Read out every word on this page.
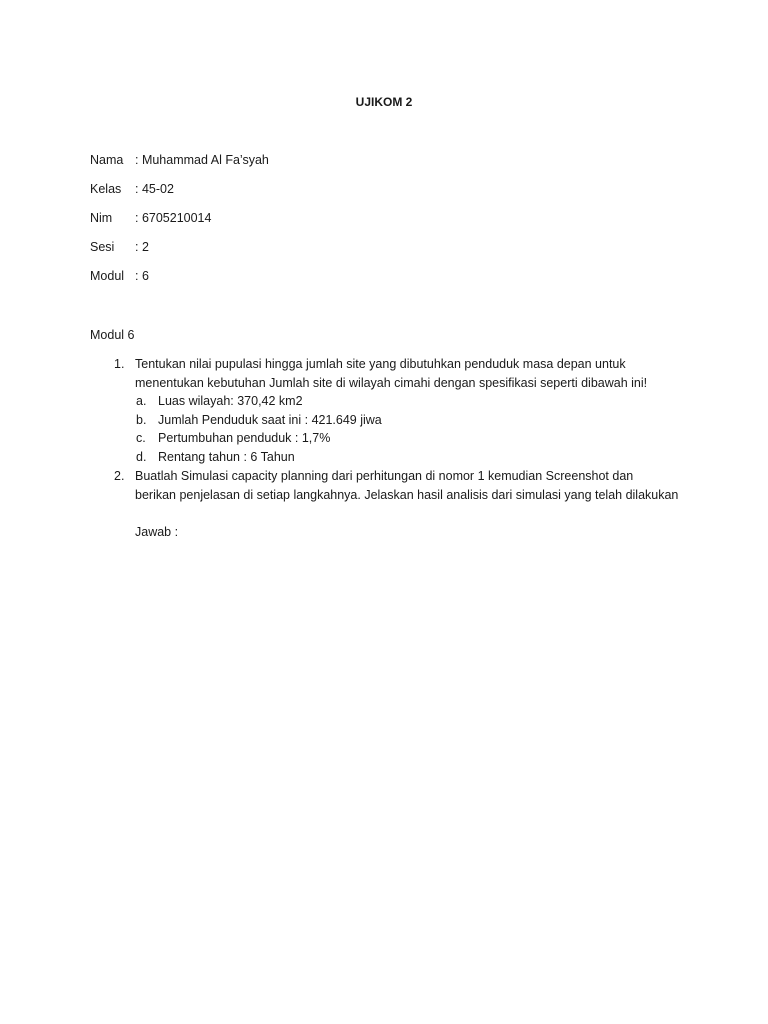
UJIKOM 2
Nama : Muhammad Al Fa’syah
Kelas : 45-02
Nim : 6705210014
Sesi : 2
Modul : 6
Modul 6
1. Tentukan nilai pupulasi hingga jumlah site yang dibutuhkan penduduk masa depan untuk
menentukan kebutuhan Jumlah site di wilayah cimahi dengan spesifikasi seperti dibawah ini!
a. Luas wilayah: 370,42 km2
b. Jumlah Penduduk saat ini : 421.649 jiwa
c. Pertumbuhan penduduk : 1,7%
d. Rentang tahun : 6 Tahun
2. Buatlah Simulasi capacity planning dari perhitungan di nomor 1 kemudian Screenshot dan
berikan penjelasan di setiap langkahnya. Jelaskan hasil analisis dari simulasi yang telah dilakukan
Jawab :
